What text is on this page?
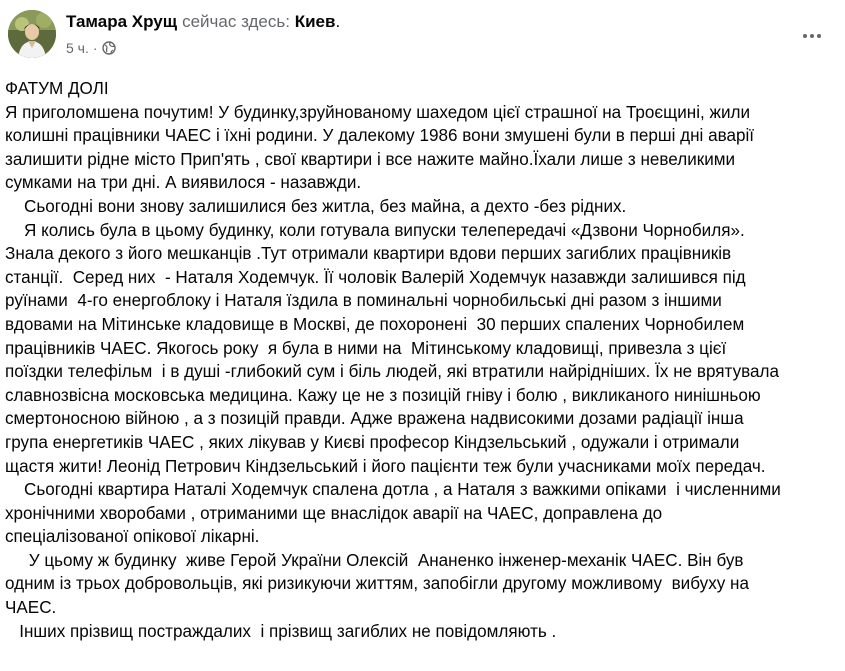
Тамара Хрущ сейчас здесь: Киев.
5 ч. ·
ФАТУМ ДОЛІ
Я приголомшена почутим! У будинку,зруйнованому шахедом цієї страшної на Троєщині, жили
колишні працівники ЧАЕС і їхні родини. У далекому 1986 вони змушені були в перші дні аварії
залишити рідне місто Прип'ять , свої квартири і все нажите майно.Їхали лише з невеликими
сумками на три дні. А виявилося - назавжди.
Сьогодні вони знову залишилися без житла, без майна, а дехто -без рідних.
Я колись була в цьому будинку, коли готувала випуски телепередачі «Дзвони Чорнобиля».
Знала декого з його мешканців .Тут отримали квартири вдови перших загиблих працівників
станції.  Серед них  - Наталя Ходемчук. Її чоловік Валерій Ходемчук назавжди залишився під
руїнами  4-го енергоблоку і Наталя їздила в поминальні чорнобильські дні разом з іншими
вдовами на Мітинське кладовище в Москві, де похоронені  30 перших спалених Чорнобилем
працівників ЧАЕС. Якогось року  я була в ними на  Мітинському кладовищі, привезла з цієї
поїздки телефільм  і в душі -глибокий сум і біль людей, які втратили найрідніших. Їх не врятувала
славнозвісна московська медицина. Кажу це не з позицій гніву і болю , викликаного нинішньою
смертоносною війною , а з позицій правди. Адже вражена надвисокими дозами радіації інша
група енергетиків ЧАЕС , яких лікував у Києві професор Кіндзельський , одужали і отримали
щастя жити! Леонід Петрович Кіндзельський і його пацієнти теж були учасниками моїх передач.
Сьогодні квартира Наталі Ходемчук спалена дотла , а Наталя з важкими опіками  і численними
хронічними хворобами , отриманими ще внаслідок аварії на ЧАЕС, доправлена до
спеціалізованої опікової лікарні.
У цьому ж будинку  живе Герой України Олексій  Ананенко інженер-механік ЧАЕС. Він був
одним із трьох добровольців, які ризикуючи життям, запобігли другому можливому  вибуху на
ЧАЕС.
Інших прізвищ постраждалих  і прізвищ загиблих не повідомляють .
